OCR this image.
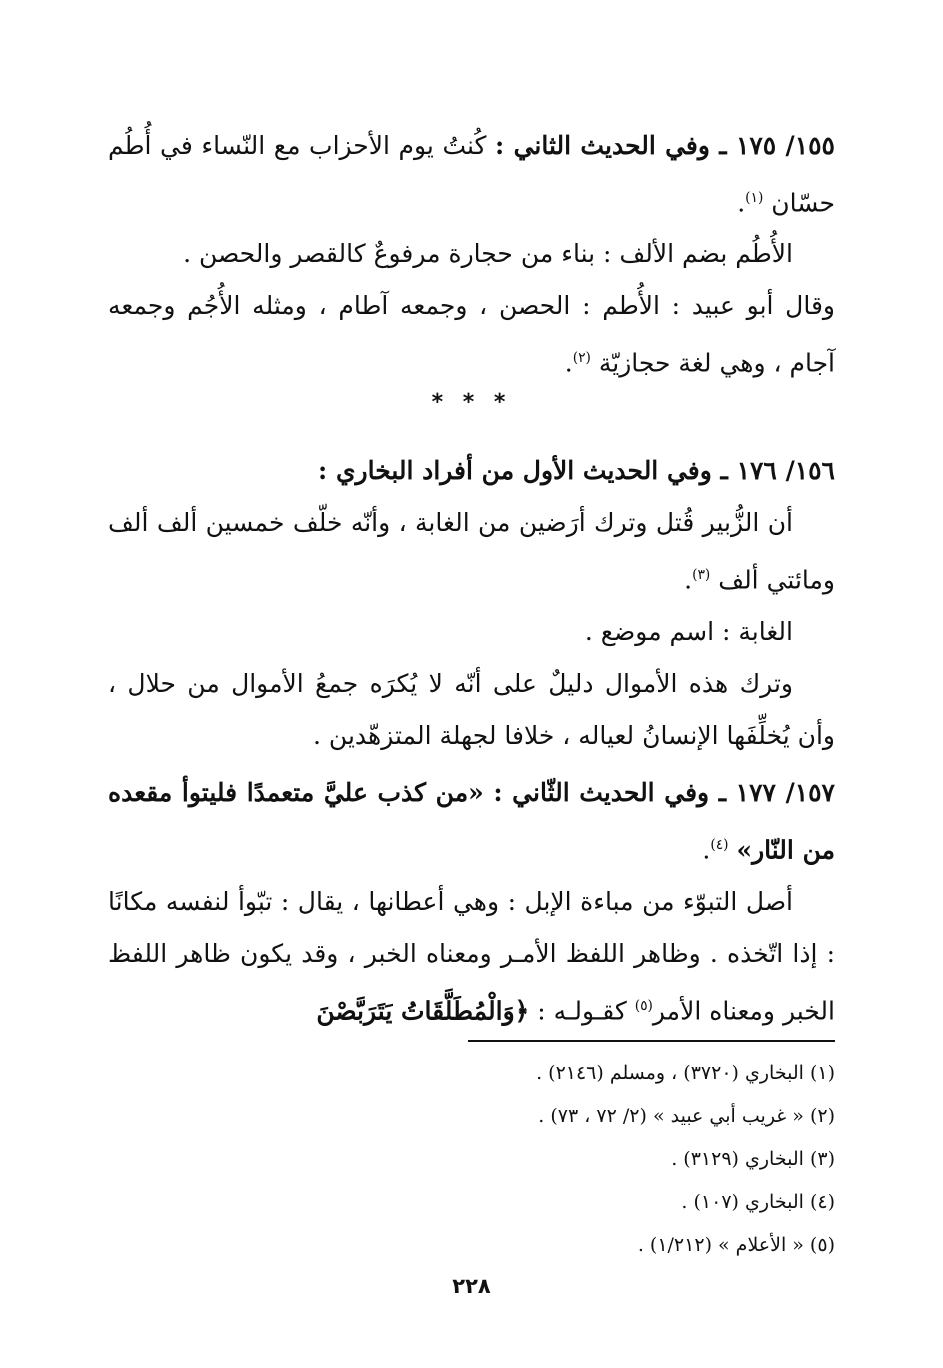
١٥٥/ ١٧٥ ـ وفي الحديث الثاني : كُنتُ يوم الأحزاب مع النّساء في أُطُم حسّان $^{(١)}$.

الأُطُم بضم الألف : بناء من حجارة مرفوعٌ كالقصر والحصن .

وقال أبو عبيد : الأُطم : الحصن ، وجمعه آطام ، ومثله الأُجُم وجمعه آجام ، وهي لغة حجازيّة $^{(٢)}$.

* * *

١٥٦/ ١٧٦ ـ وفي الحديث الأول من أفراد البخاري :

أن الزُّبير قُتل وترك أرَضين من الغابة ، وأنّه خلّف خمسين ألف ألف ومائتي ألف $^{(٣)}$.

الغابة : اسم موضع .

وترك هذه الأموال دليلٌ على أنّه لا يُكرَه جمعُ الأموال من حلال ، وأن يُخلِّفَها الإنسانُ لعياله ، خلافا لجهلة المتزهّدين .

١٥٧/ ١٧٧ ـ وفي الحديث الثّاني : «من كذب عليَّ متعمدًا فليتوأ مقعده من النّار» $^{(٤)}$.

أصل التبوّء من مباءة الإبل : وهي أعطانها ، يقال : تبّوأ لنفسه مكانًا : إذا اتّخذه . وظاهر اللفظ الأمـر ومعناه الخبر ، وقد يكون ظاهر اللفظ الخبر ومعناه الأمر$^{(٥)}$ كقـولـه : ﴿وَالْمُطَلَّقَاتُ يَتَرَبَّصْنَ

(١) البخاري (٣٧٢٠) ، ومسلم (٢١٤٦) .
(٢) « غريب أبي عبيد » (٢/ ٧٢ ، ٧٣) .
(٣) البخاري (٣١٢٩) .
(٤) البخاري (١٠٧) .
(٥) « الأعلام » (١/٢١٢) .
٢٢٨
